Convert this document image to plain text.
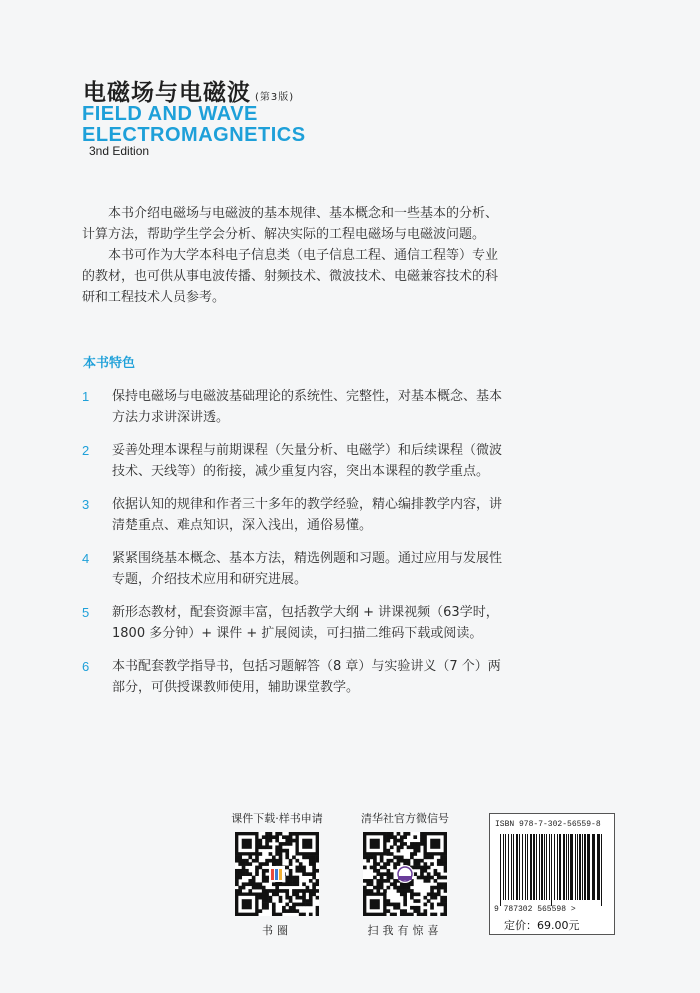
电磁场与电磁波 (第3版)
FIELD AND WAVE
ELECTROMAGNETICS
3nd Edition

本书介绍电磁场与电磁波的基本规律、基本概念和一些基本的分析、计算方法，帮助学生学会分析、解决实际的工程电磁场与电磁波问题。

本书可作为大学本科电子信息类（电子信息工程、通信工程等）专业的教材，也可供从事电波传播、射频技术、微波技术、电磁兼容技术的科研和工程技术人员参考。

本书特色
1	保持电磁场与电磁波基础理论的系统性、完整性，对基本概念、基本方法力求讲深讲透。
2	妥善处理本课程与前期课程（矢量分析、电磁学）和后续课程（微波技术、天线等）的衔接，减少重复内容，突出本课程的教学重点。
3	依据认知的规律和作者三十多年的教学经验，精心编排教学内容，讲清楚重点、难点知识，深入浅出，通俗易懂。
4	紧紧围绕基本概念、基本方法，精选例题和习题。通过应用与发展性专题，介绍技术应用和研究进展。
5	新形态教材，配套资源丰富，包括教学大纲 + 讲课视频（63学时，1800 多分钟）+ 课件 + 扩展阅读，可扫描二维码下载或阅读。
6	本书配套教学指导书，包括习题解答（8 章）与实验讲义（7 个）两部分，可供授课教师使用，辅助课堂教学。
课件下载·样书申请
书圈
清华社官方微信号
扫我有惊喜
ISBN 978-7-302-56559-8
9 787302 565598 >
定价：69.00元
